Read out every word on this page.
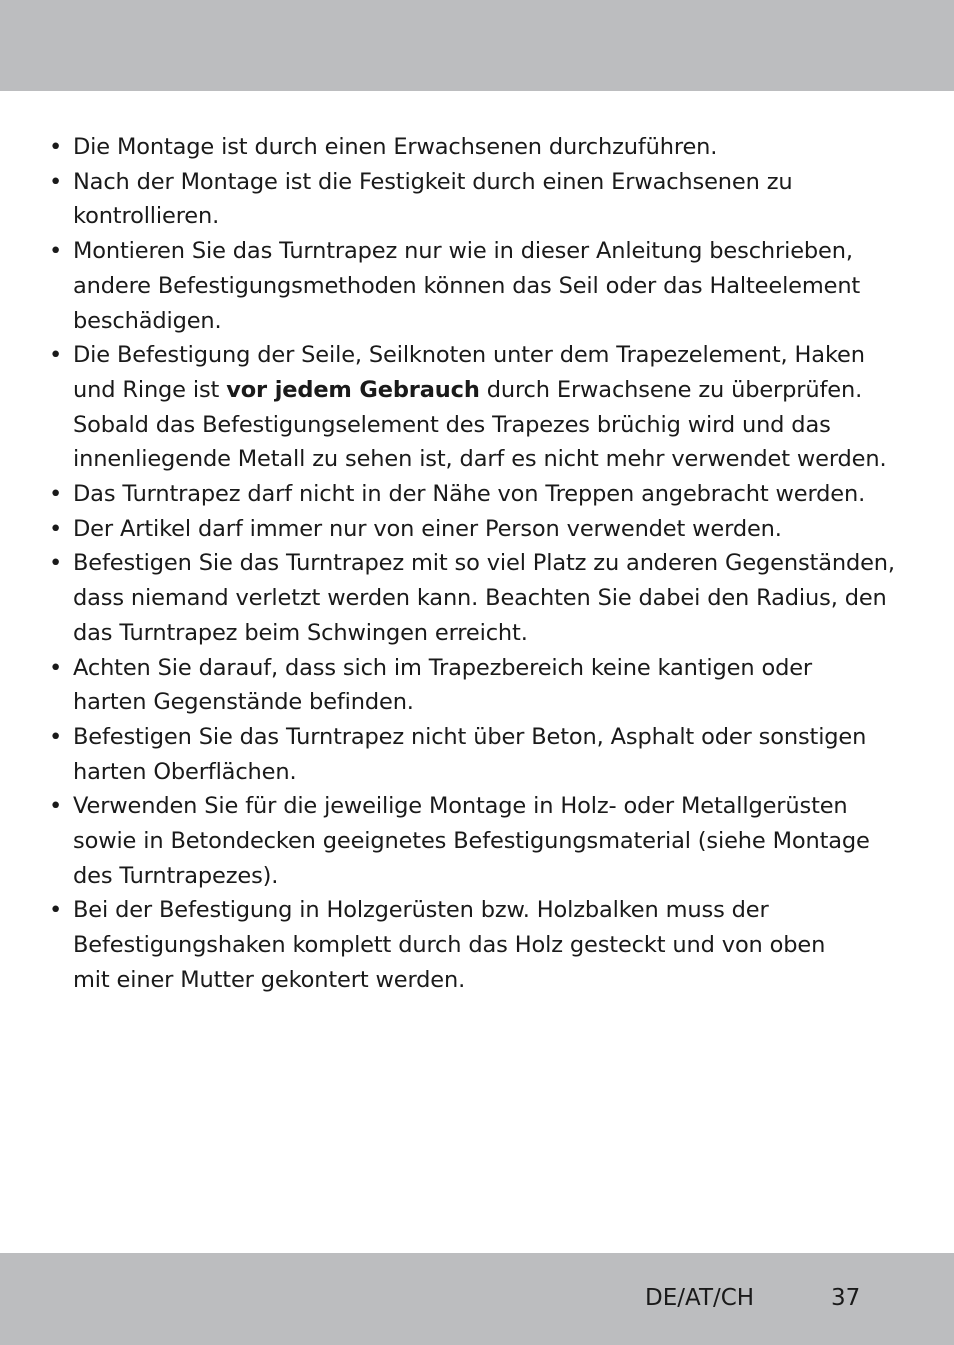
• Die Montage ist durch einen Erwachsenen durchzuführen.
• Nach der Montage ist die Festigkeit durch einen Erwachsenen zu
kontrollieren.
• Montieren Sie das Turntrapez nur wie in dieser Anleitung beschrieben,
andere Befestigungsmethoden können das Seil oder das Halteelement
beschädigen.
• Die Befestigung der Seile, Seilknoten unter dem Trapezelement, Haken
und Ringe ist vor jedem Gebrauch durch Erwachsene zu überprüfen.
Sobald das Befestigungselement des Trapezes brüchig wird und das
innenliegende Metall zu sehen ist, darf es nicht mehr verwendet werden.
• Das Turntrapez darf nicht in der Nähe von Treppen angebracht werden.
• Der Artikel darf immer nur von einer Person verwendet werden.
• Befestigen Sie das Turntrapez mit so viel Platz zu anderen Gegenständen,
dass niemand verletzt werden kann. Beachten Sie dabei den Radius, den
das Turntrapez beim Schwingen erreicht.
• Achten Sie darauf, dass sich im Trapezbereich keine kantigen oder
harten Gegenstände befinden.
• Befestigen Sie das Turntrapez nicht über Beton, Asphalt oder sonstigen
harten Oberflächen.
• Verwenden Sie für die jeweilige Montage in Holz- oder Metallgerüsten
sowie in Betondecken geeignetes Befestigungsmaterial (siehe Montage
des Turntrapezes).
• Bei der Befestigung in Holzgerüsten bzw. Holzbalken muss der
Befestigungshaken komplett durch das Holz gesteckt und von oben
mit einer Mutter gekontert werden.
DE/AT/CH	37
